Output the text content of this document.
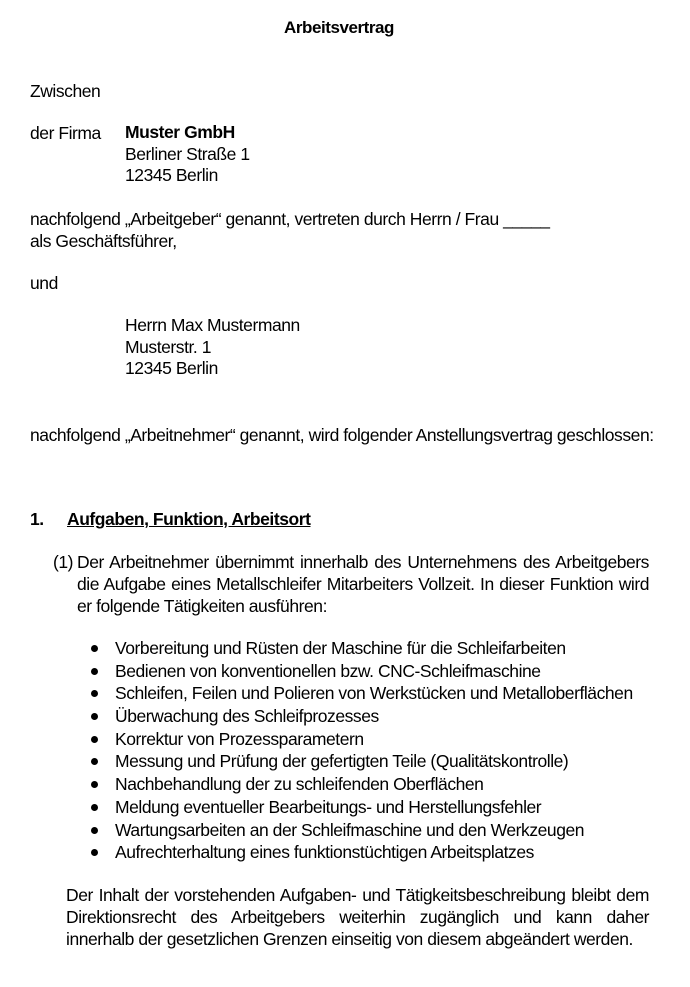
Arbeitsvertrag
Zwischen
der Firma Muster GmbH
Berliner Straße 1
12345 Berlin
nachfolgend „Arbeitgeber“ genannt, vertreten durch Herrn / Frau _____ als Geschäftsführer,
und
Herrn Max Mustermann
Musterstr. 1
12345 Berlin
nachfolgend „Arbeitnehmer“ genannt, wird folgender Anstellungsvertrag geschlossen:
1. Aufgaben, Funktion, Arbeitsort
(1) Der Arbeitnehmer übernimmt innerhalb des Unternehmens des Arbeitgebers die Aufgabe eines Metallschleifer Mitarbeiters Vollzeit. In dieser Funktion wird er folgende Tätigkeiten ausführen:
Vorbereitung und Rüsten der Maschine für die Schleifarbeiten
Bedienen von konventionellen bzw. CNC-Schleifmaschine
Schleifen, Feilen und Polieren von Werkstücken und Metalloberflächen
Überwachung des Schleifprozesses
Korrektur von Prozessparametern
Messung und Prüfung der gefertigten Teile (Qualitätskontrolle)
Nachbehandlung der zu schleifenden Oberflächen
Meldung eventueller Bearbeitungs- und Herstellungsfehler
Wartungsarbeiten an der Schleifmaschine und den Werkzeugen
Aufrechterhaltung eines funktionstüchtigen Arbeitsplatzes
Der Inhalt der vorstehenden Aufgaben- und Tätigkeitsbeschreibung bleibt dem Direktionsrecht des Arbeitgebers weiterhin zugänglich und kann daher innerhalb der gesetzlichen Grenzen einseitig von diesem abgeändert werden.
